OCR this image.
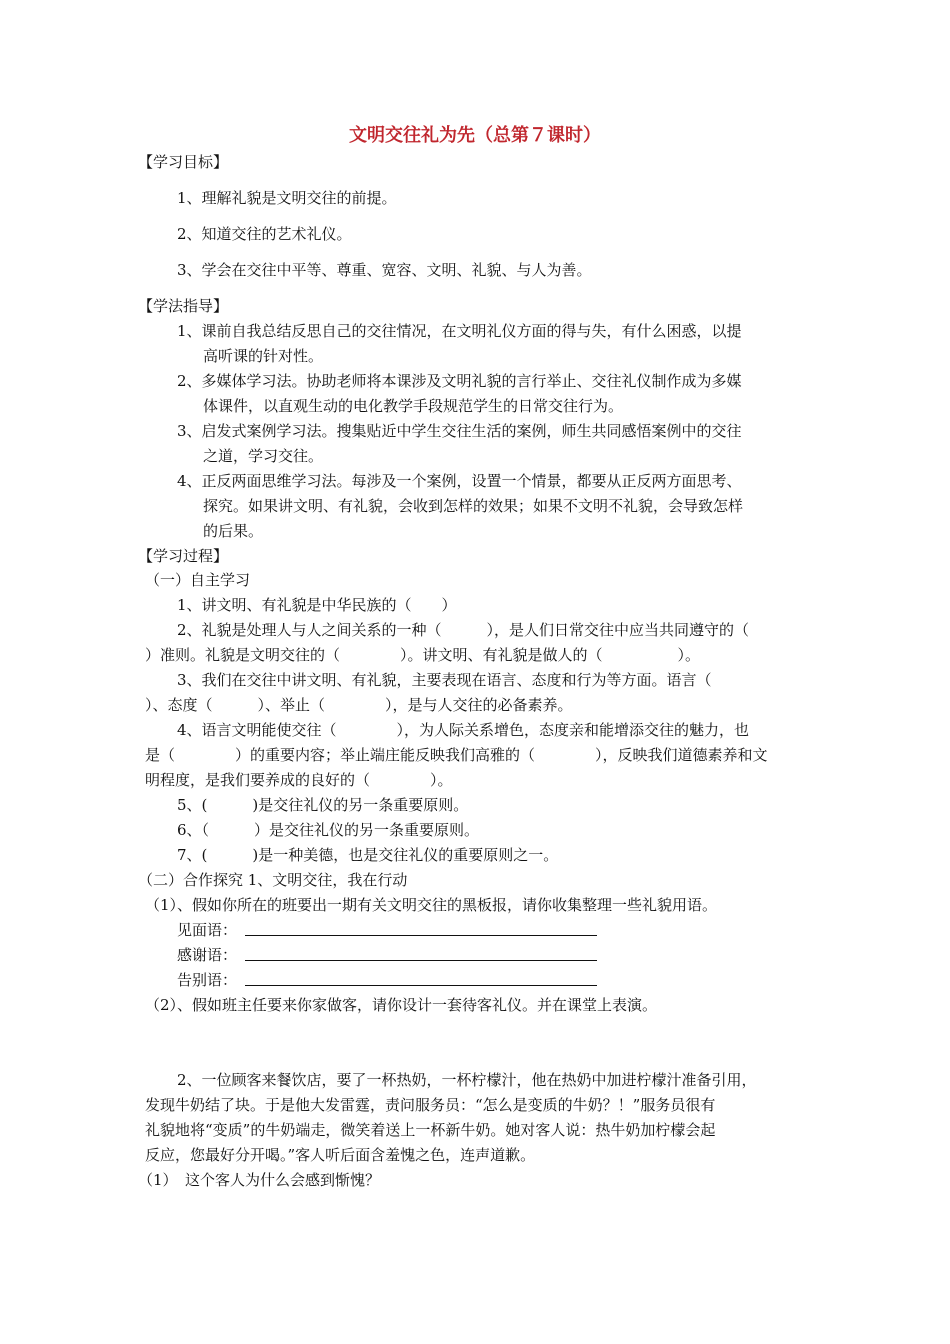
文明交往礼为先（总第７课时）
【学习目标】
1、理解礼貌是文明交往的前提。
2、知道交往的艺术礼仪。
3、学会在交往中平等、尊重、宽容、文明、礼貌、与人为善。
【学法指导】
1、课前自我总结反思自己的交往情况，在文明礼仪方面的得与失，有什么困惑，以提
高听课的针对性。
2、多媒体学习法。协助老师将本课涉及文明礼貌的言行举止、交往礼仪制作成为多媒
体课件，以直观生动的电化教学手段规范学生的日常交往行为。
3、启发式案例学习法。搜集贴近中学生交往生活的案例，师生共同感悟案例中的交往
之道，学习交往。
4、正反两面思维学习法。每涉及一个案例，设置一个情景，都要从正反两方面思考、
探究。如果讲文明、有礼貌，会收到怎样的效果；如果不文明不礼貌，会导致怎样
的后果。
【学习过程】
（一）自主学习
1、讲文明、有礼貌是中华民族的（　　）
2、礼貌是处理人与人之间关系的一种（　　　），是人们日常交往中应当共同遵守的（
）准则。礼貌是文明交往的（　　　　）。讲文明、有礼貌是做人的（　　　　　）。
3、我们在交往中讲文明、有礼貌，主要表现在语言、态度和行为等方面。语言（
）、态度（　　　）、举止（　　　　），是与人交往的必备素养。
4、语言文明能使交往（　　　　），为人际关系增色，态度亲和能增添交往的魅力，也
是（　　　　）的重要内容；举止端庄能反映我们高雅的（　　　　），反映我们道德素养和文
明程度，是我们要养成的良好的（　　　　）。
5、(　　　)是交往礼仪的另一条重要原则。
6、（　　　）是交往礼仪的另一条重要原则。
7、(　　　)是一种美德，也是交往礼仪的重要原则之一。
（二）合作探究 1、文明交往，我在行动
（1）、假如你所在的班要出一期有关文明交往的黑板报，请你收集整理一些礼貌用语。
见面语：
感谢语：
告别语：
（2）、假如班主任要来你家做客，请你设计一套待客礼仪。并在课堂上表演。
2、一位顾客来餐饮店，要了一杯热奶，一杯柠檬汁，他在热奶中加进柠檬汁准备引用，
发现牛奶结了块。于是他大发雷霆，责问服务员：“怎么是变质的牛奶？！”服务员很有
礼貌地将“变质”的牛奶端走，微笑着送上一杯新牛奶。她对客人说：热牛奶加柠檬会起
反应，您最好分开喝。”客人听后面含羞愧之色，连声道歉。
（1）　这个客人为什么会感到惭愧？
